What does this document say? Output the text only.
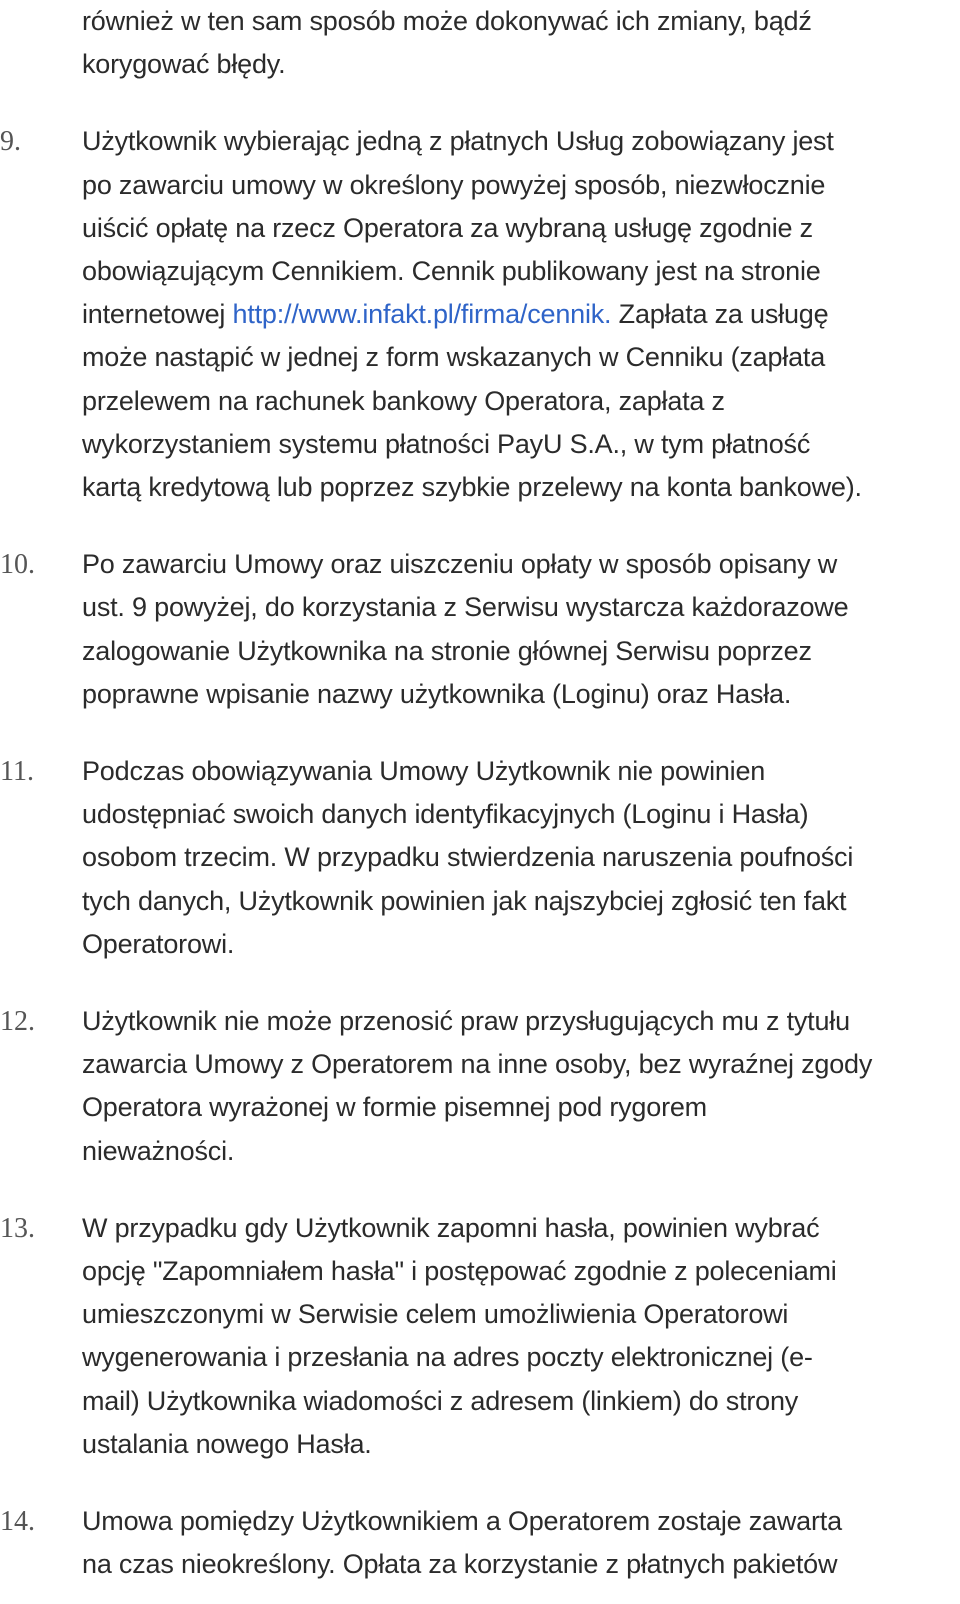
również w ten sam sposób może dokonywać ich zmiany, bądź
korygować błędy.
9. Użytkownik wybierając jedną z płatnych Usług zobowiązany jest
po zawarciu umowy w określony powyżej sposób, niezwłocznie
uiścić opłatę na rzecz Operatora za wybraną usługę zgodnie z
obowiązującym Cennikiem. Cennik publikowany jest na stronie
internetowej http://www.infakt.pl/firma/cennik. Zapłata za usługę
może nastąpić w jednej z form wskazanych w Cenniku (zapłata
przelewem na rachunek bankowy Operatora, zapłata z
wykorzystaniem systemu płatności PayU S.A., w tym płatność
kartą kredytową lub poprzez szybkie przelewy na konta bankowe).
10. Po zawarciu Umowy oraz uiszczeniu opłaty w sposób opisany w
ust. 9 powyżej, do korzystania z Serwisu wystarcza każdorazowe
zalogowanie Użytkownika na stronie głównej Serwisu poprzez
poprawne wpisanie nazwy użytkownika (Loginu) oraz Hasła.
11. Podczas obowiązywania Umowy Użytkownik nie powinien
udostępniać swoich danych identyfikacyjnych (Loginu i Hasła)
osobom trzecim. W przypadku stwierdzenia naruszenia poufności
tych danych, Użytkownik powinien jak najszybciej zgłosić ten fakt
Operatorowi.
12. Użytkownik nie może przenosić praw przysługujących mu z tytułu
zawarcia Umowy z Operatorem na inne osoby, bez wyraźnej zgody
Operatora wyrażonej w formie pisemnej pod rygorem
nieważności.
13. W przypadku gdy Użytkownik zapomni hasła, powinien wybrać
opcję "Zapomniałem hasła" i postępować zgodnie z poleceniami
umieszczonymi w Serwisie celem umożliwienia Operatorowi
wygenerowania i przesłania na adres poczty elektronicznej (e-
mail) Użytkownika wiadomości z adresem (linkiem) do strony
ustalania nowego Hasła.
14. Umowa pomiędzy Użytkownikiem a Operatorem zostaje zawarta
na czas nieokreślony. Opłata za korzystanie z płatnych pakietów
